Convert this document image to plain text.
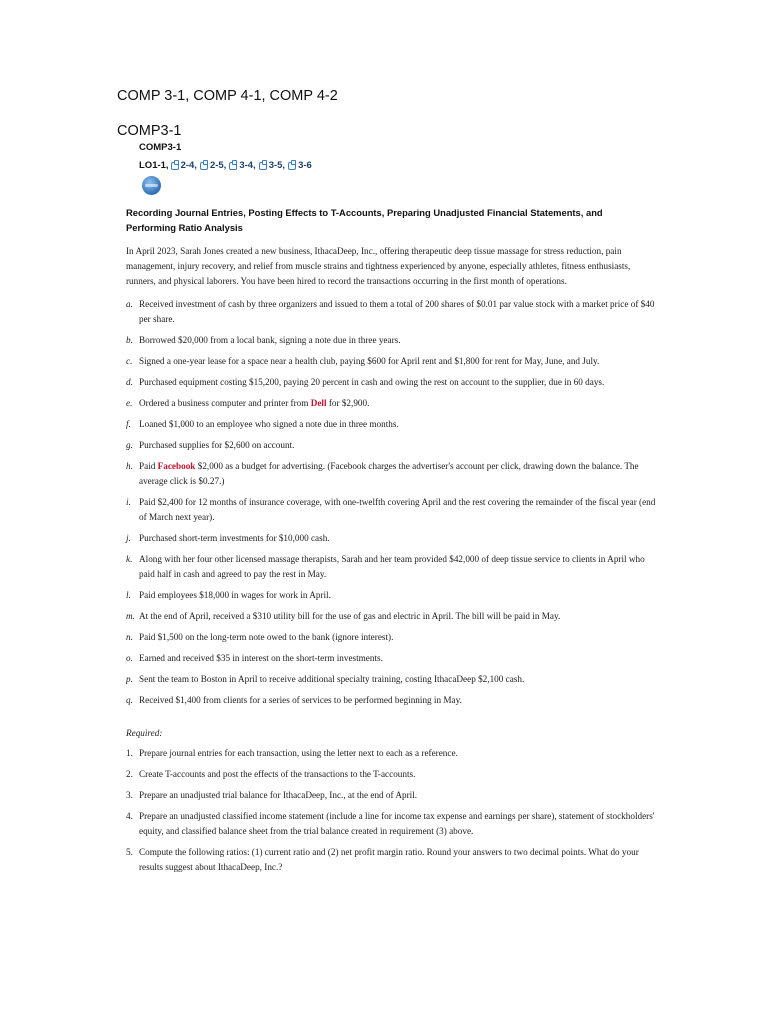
COMP 3-1, COMP 4-1, COMP 4-2
COMP3-1
COMP3-1
LO1-1, 2-4, 2-5, 3-4, 3-5, 3-6
Recording Journal Entries, Posting Effects to T-Accounts, Preparing Unadjusted Financial Statements, and Performing Ratio Analysis
In April 2023, Sarah Jones created a new business, IthacaDeep, Inc., offering therapeutic deep tissue massage for stress reduction, pain management, injury recovery, and relief from muscle strains and tightness experienced by anyone, especially athletes, fitness enthusiasts, runners, and physical laborers. You have been hired to record the transactions occurring in the first month of operations.
a. Received investment of cash by three organizers and issued to them a total of 200 shares of $0.01 par value stock with a market price of $40 per share.
b. Borrowed $20,000 from a local bank, signing a note due in three years.
c. Signed a one-year lease for a space near a health club, paying $600 for April rent and $1,800 for rent for May, June, and July.
d. Purchased equipment costing $15,200, paying 20 percent in cash and owing the rest on account to the supplier, due in 60 days.
e. Ordered a business computer and printer from Dell for $2,900.
f. Loaned $1,000 to an employee who signed a note due in three months.
g. Purchased supplies for $2,600 on account.
h. Paid Facebook $2,000 as a budget for advertising. (Facebook charges the advertiser's account per click, drawing down the balance. The average click is $0.27.)
i. Paid $2,400 for 12 months of insurance coverage, with one-twelfth covering April and the rest covering the remainder of the fiscal year (end of March next year).
j. Purchased short-term investments for $10,000 cash.
k. Along with her four other licensed massage therapists, Sarah and her team provided $42,000 of deep tissue service to clients in April who paid half in cash and agreed to pay the rest in May.
l. Paid employees $18,000 in wages for work in April.
m. At the end of April, received a $310 utility bill for the use of gas and electric in April. The bill will be paid in May.
n. Paid $1,500 on the long-term note owed to the bank (ignore interest).
o. Earned and received $35 in interest on the short-term investments.
p. Sent the team to Boston in April to receive additional specialty training, costing IthacaDeep $2,100 cash.
q. Received $1,400 from clients for a series of services to be performed beginning in May.
Required:
1. Prepare journal entries for each transaction, using the letter next to each as a reference.
2. Create T-accounts and post the effects of the transactions to the T-accounts.
3. Prepare an unadjusted trial balance for IthacaDeep, Inc., at the end of April.
4. Prepare an unadjusted classified income statement (include a line for income tax expense and earnings per share), statement of stockholders' equity, and classified balance sheet from the trial balance created in requirement (3) above.
5. Compute the following ratios: (1) current ratio and (2) net profit margin ratio. Round your answers to two decimal points. What do your results suggest about IthacaDeep, Inc.?
